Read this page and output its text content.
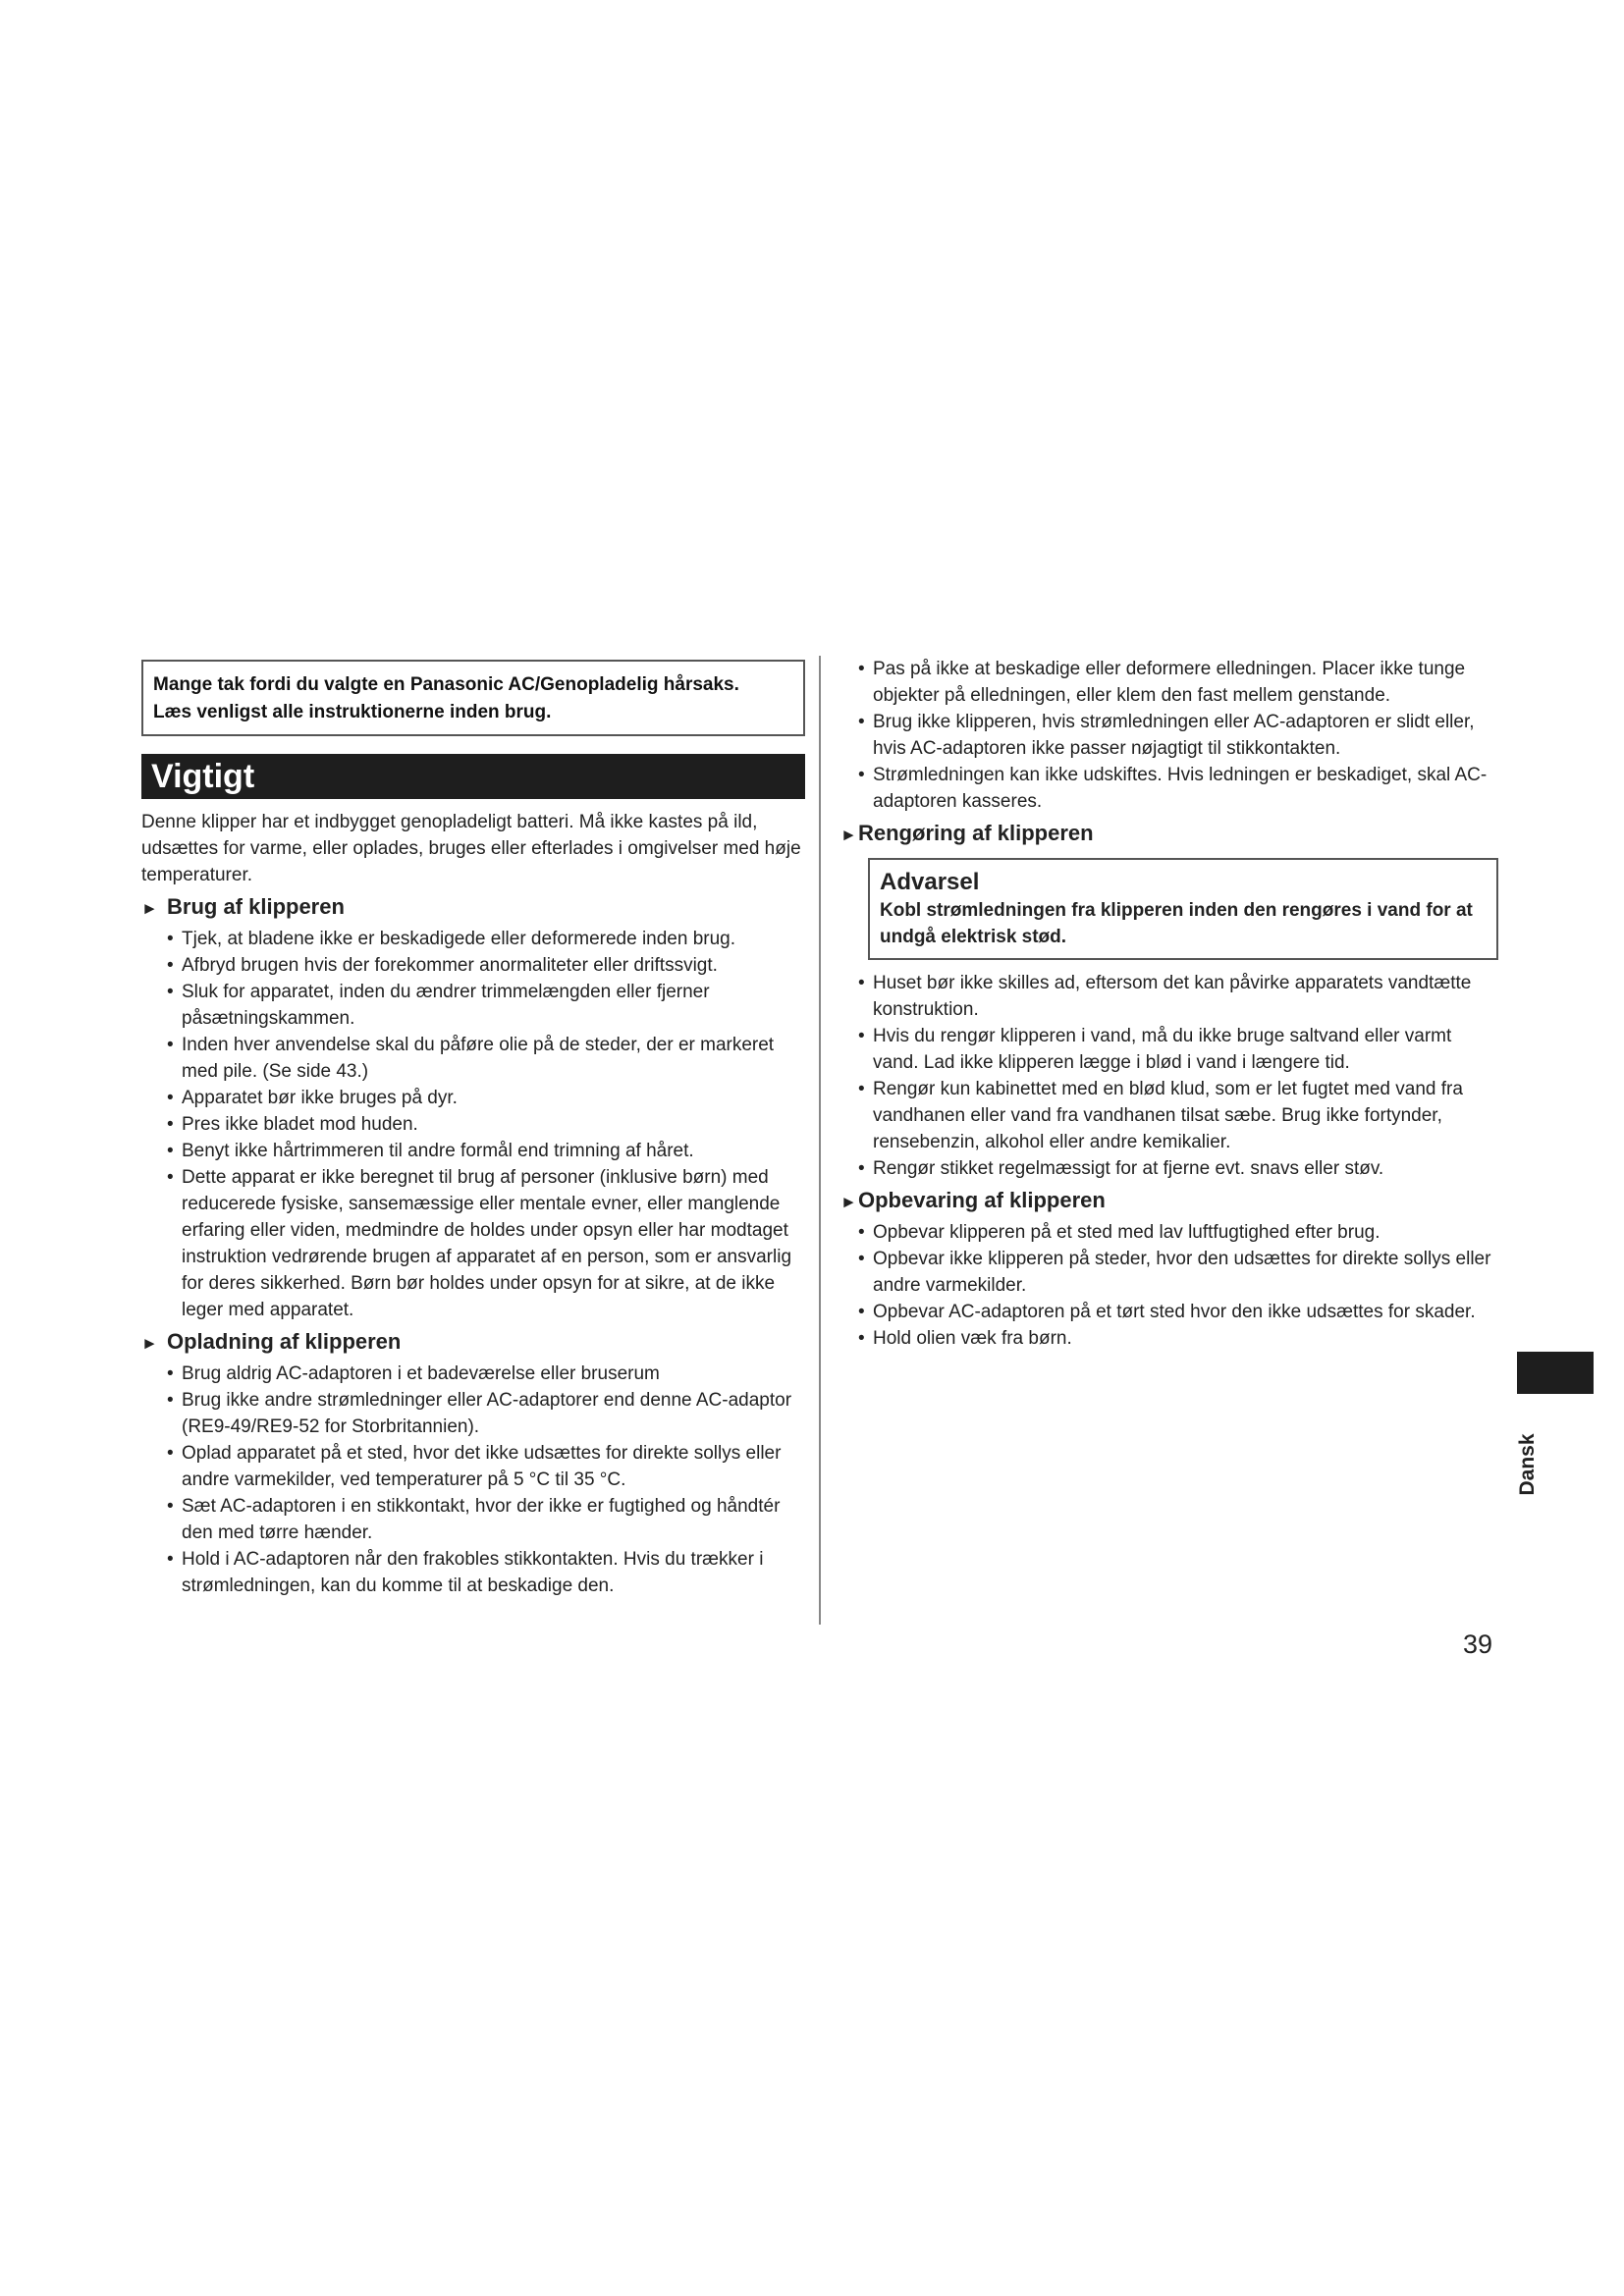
Mange tak fordi du valgte en Panasonic AC/Genopladelig hårsaks.
Læs venligst alle instruktionerne inden brug.
Vigtigt

Denne klipper har et indbygget genopladeligt batteri. Må ikke kastes på ild, udsættes for varme, eller oplades, bruges eller efterlades i omgivelser med høje temperaturer.

► Brug af klipperen
• Tjek, at bladene ikke er beskadigede eller deformerede inden brug.
• Afbryd brugen hvis der forekommer anormaliteter eller driftssvigt.
• Sluk for apparatet, inden du ændrer trimmelængden eller fjerner påsætningskammen.
• Inden hver anvendelse skal du påføre olie på de steder, der er markeret med pile. (Se side 43.)
• Apparatet bør ikke bruges på dyr.
• Pres ikke bladet mod huden.
• Benyt ikke hårtrimmeren til andre formål end trimning af håret.
• Dette apparat er ikke beregnet til brug af personer (inklusive børn) med reducerede fysiske, sansemæssige eller mentale evner, eller manglende erfaring eller viden, medmindre de holdes under opsyn eller har modtaget instruktion vedrørende brugen af apparatet af en person, som er ansvarlig for deres sikkerhed. Børn bør holdes under opsyn for at sikre, at de ikke leger med apparatet.
► Opladning af klipperen
• Brug aldrig AC-adaptoren i et badeværelse eller bruserum
• Brug ikke andre strømledninger eller AC-adaptorer end denne AC-adaptor (RE9-49/RE9-52 for Storbritannien).
• Oplad apparatet på et sted, hvor det ikke udsættes for direkte sollys eller andre varmekilder, ved temperaturer på 5 °C til 35 °C.
• Sæt AC-adaptoren i en stikkontakt, hvor der ikke er fugtighed og håndtér den med tørre hænder.
• Hold i AC-adaptoren når den frakobles stikkontakten. Hvis du trækker i strømledningen, kan du komme til at beskadige den.
• Pas på ikke at beskadige eller deformere elledningen. Placer ikke tunge objekter på elledningen, eller klem den fast mellem genstande.
• Brug ikke klipperen, hvis strømledningen eller AC-adaptoren er slidt eller, hvis AC-adaptoren ikke passer nøjagtigt til stikkontakten.
• Strømledningen kan ikke udskiftes. Hvis ledningen er beskadiget, skal AC-adaptoren kasseres.
►Rengøring af klipperen
Advarsel
Kobl strømledningen fra klipperen inden den rengøres i vand for at undgå elektrisk stød.
• Huset bør ikke skilles ad, eftersom det kan påvirke apparatets vandtætte konstruktion.
• Hvis du rengør klipperen i vand, må du ikke bruge saltvand eller varmt vand. Lad ikke klipperen lægge i blød i vand i længere tid.
• Rengør kun kabinettet med en blød klud, som er let fugtet med vand fra vandhanen eller vand fra vandhanen tilsat sæbe. Brug ikke fortynder, rensebenzin, alkohol eller andre kemikalier.
• Rengør stikket regelmæssigt for at fjerne evt. snavs eller støv.
►Opbevaring af klipperen
• Opbevar klipperen på et sted med lav luftfugtighed efter brug.
• Opbevar ikke klipperen på steder, hvor den udsættes for direkte sollys eller andre varmekilder.
• Opbevar AC-adaptoren på et tørt sted hvor den ikke udsættes for skader.
• Hold olien væk fra børn.
Dansk
39
